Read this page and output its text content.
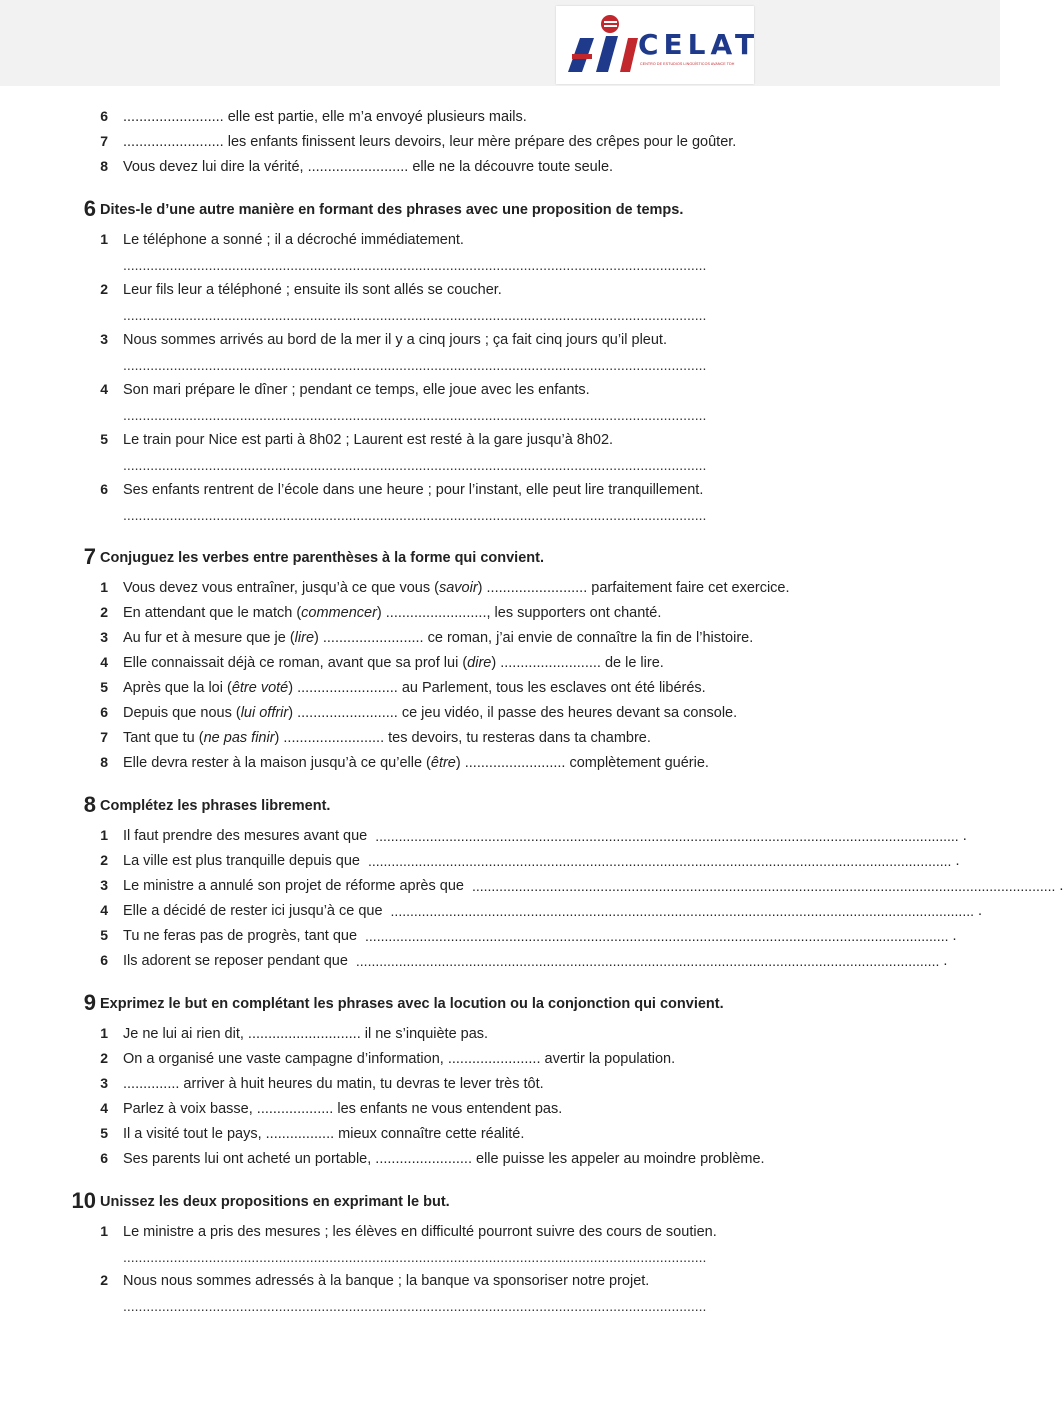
CELAT
CENTRO DE ESTUDIOS LINGÜÍSTICOS AVANCE TDH
6 ......................... elle est partie, elle m’a envoyé plusieurs mails.
7 ......................... les enfants finissent leurs devoirs, leur mère prépare des crêpes pour le goûter.
8 Vous devez lui dire la vérité, ......................... elle ne la découvre toute seule.
6 Dites-le d’une autre manière en formant des phrases avec une proposition de temps.
1 Le téléphone a sonné ; il a décroché immédiatement.
......................................................................................................................................................
2 Leur fils leur a téléphoné ; ensuite ils sont allés se coucher.
......................................................................................................................................................
3 Nous sommes arrivés au bord de la mer il y a cinq jours ; ça fait cinq jours qu’il pleut.
......................................................................................................................................................
4 Son mari prépare le dîner ; pendant ce temps, elle joue avec les enfants.
......................................................................................................................................................
5 Le train pour Nice est parti à 8h02 ; Laurent est resté à la gare jusqu’à 8h02.
......................................................................................................................................................
6 Ses enfants rentrent de l’école dans une heure ; pour l’instant, elle peut lire tranquillement.
......................................................................................................................................................
7 Conjuguez les verbes entre parenthèses à la forme qui convient.
1 Vous devez vous entraîner, jusqu’à ce que vous (savoir) ......................... parfaitement faire cet exercice.
2 En attendant que le match (commencer) ........................., les supporters ont chanté.
3 Au fur et à mesure que je (lire) ......................... ce roman, j’ai envie de connaître la fin de l’histoire.
4 Elle connaissait déjà ce roman, avant que sa prof lui (dire) ......................... de le lire.
5 Après que la loi (être voté) ......................... au Parlement, tous les esclaves ont été libérés.
6 Depuis que nous (lui offrir) ......................... ce jeu vidéo, il passe des heures devant sa console.
7 Tant que tu (ne pas finir) ......................... tes devoirs, tu resteras dans ta chambre.
8 Elle devra rester à la maison jusqu’à ce qu’elle (être) ......................... complètement guérie.
8 Complétez les phrases librement.
1 Il faut prendre des mesures avant que ...................................................................................................................................................... .
2 La ville est plus tranquille depuis que ...................................................................................................................................................... .
3 Le ministre a annulé son projet de réforme après que ......................................................................................................................................................
4 Elle a décidé de rester ici jusqu’à ce que ...................................................................................................................................................... .
5 Tu ne feras pas de progrès, tant que ...................................................................................................................................................... .
6 Ils adorent se reposer pendant que ...................................................................................................................................................... .
9 Exprimez le but en complétant les phrases avec la locution ou la conjonction qui convient.
1 Je ne lui ai rien dit, ............................ il ne s’inquiète pas.
2 On a organisé une vaste campagne d’information, ....................... avertir la population.
3 .............. arriver à huit heures du matin, tu devras te lever très tôt.
4 Parlez à voix basse, ................... les enfants ne vous entendent pas.
5 Il a visité tout le pays, ................. mieux connaître cette réalité.
6 Ses parents lui ont acheté un portable, ........................ elle puisse les appeler au moindre problème.
10 Unissez les deux propositions en exprimant le but.
1 Le ministre a pris des mesures ; les élèves en difficulté pourront suivre des cours de soutien.
......................................................................................................................................................
2 Nous nous sommes adressés à la banque ; la banque va sponsoriser notre projet.
......................................................................................................................................................
